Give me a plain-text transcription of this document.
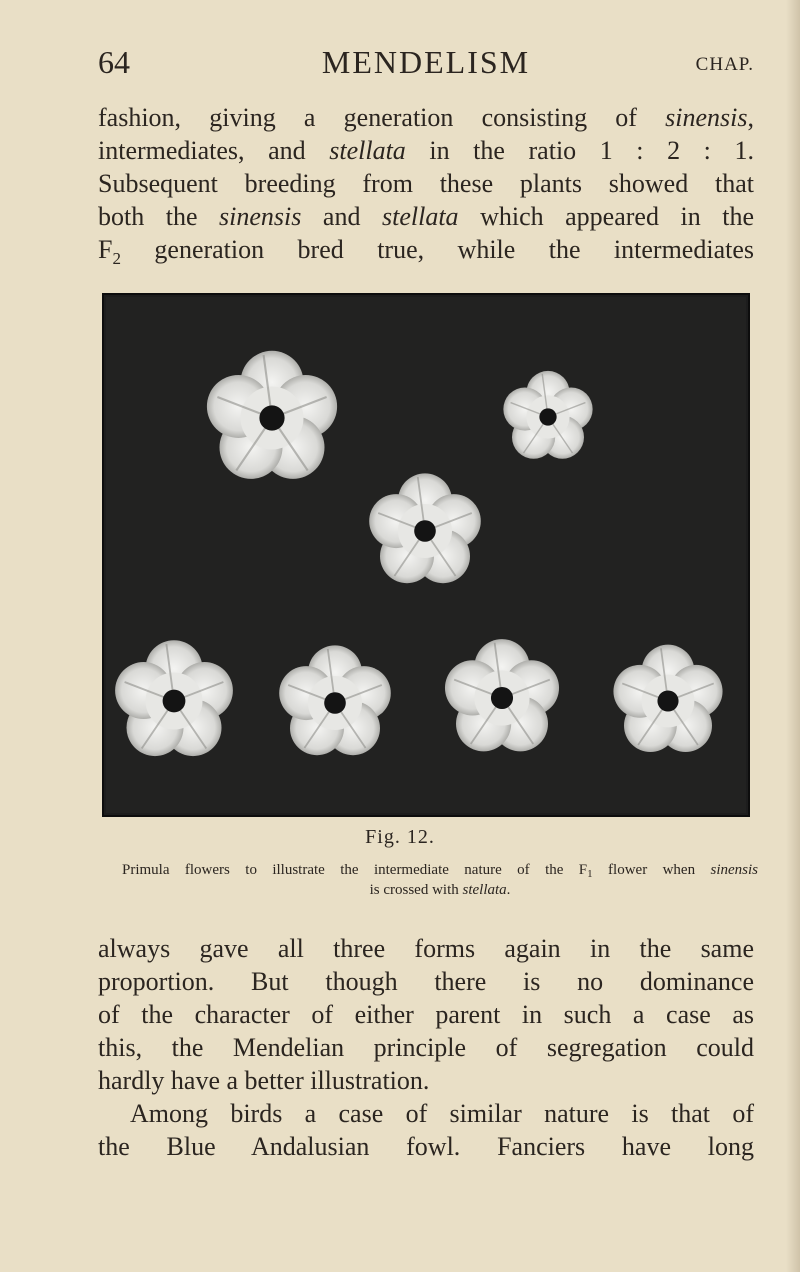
64	MENDELISM	CHAP.

fashion, giving a generation consisting of sinensis,
intermediates, and stellata in the ratio 1 : 2 : 1.
Subsequent breeding from these plants showed that
both the sinensis and stellata which appeared in the
$F_2$ generation bred true, while the intermediates

Fig. 12.

Primula flowers to illustrate the intermediate nature of the $F_1$ flower when sinensis
is crossed with stellata.

always gave all three forms again in the same
proportion. But though there is no dominance
of the character of either parent in such a case as
this, the Mendelian principle of segregation could
hardly have a better illustration.
Among birds a case of similar nature is that of
the Blue Andalusian fowl. Fanciers have long
